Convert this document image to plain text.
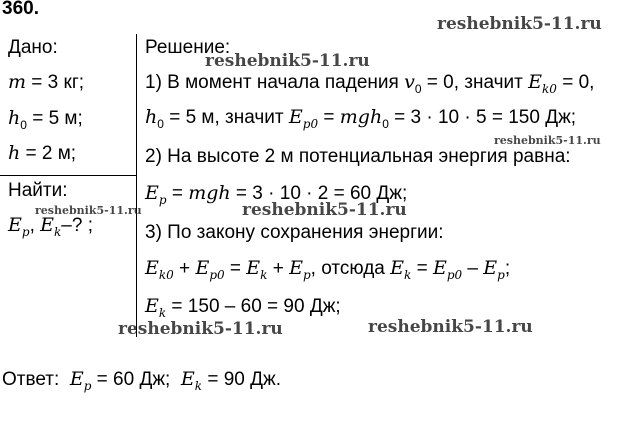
360.
Дано:
m = 3 кг;
$h_0 = 5$ м;
h = 2 м;
Найти:
$E_p$, $E_k-$? ;
Решение:
1) В момент начала падения $v_0 = 0$, значит $E_{k0} = 0$,
$h_0 = 5$ м, значит $E_{p0} = mgh_0 = 3 \cdot 10 \cdot 5 = 150$ Дж;
2) На высоте 2 м потенциальная энергия равна:
$E_p$ = mgh = 3 · 10 · 2 = 60 Дж;
3) По закону сохранения энергии:
$E_{k0} + E_{p0} = E_k + E_p$, отсюда $E_k = E_{p0} - E_p$;
$E_k = 150 - 60 = 90$ Дж;
Ответ:  $E_p = 60$ Дж;  $E_k = 90$ Дж.
reshebnik5-11.ru
reshebnik5-11.ru
reshebnik5-11.ru
reshebnik5-11.ru	reshebnik5-11.ru
reshebnik5-11.ru	reshebnik5-11.ru
